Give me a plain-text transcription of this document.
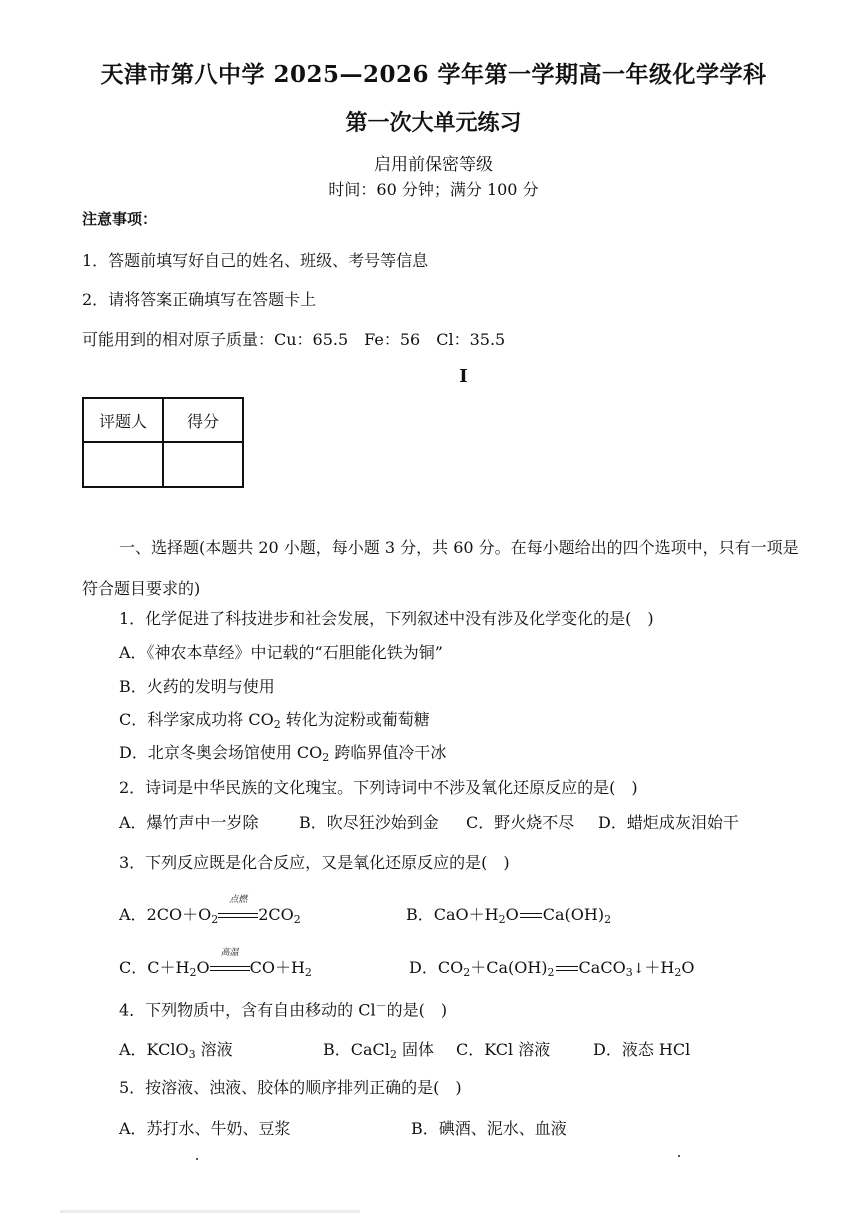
天津市第八中学 2025—2026 学年第一学期高一年级化学学科
第一次大单元练习
启用前保密等级
时间：60 分钟；满分 100 分
注意事项：
1．答题前填写好自己的姓名、班级、考号等信息
2．请将答案正确填写在答题卡上
可能用到的相对原子质量：Cu：65.5　Fe：56　Cl：35.5
I
评题人	得分

一、选择题(本题共 20 小题，每小题 3 分，共 60 分。在每小题给出的四个选项中，只有一项是
符合题目要求的)
1．化学促进了科技进步和社会发展，下列叙述中没有涉及化学变化的是(　)
A．《神农本草经》中记载的“石胆能化铁为铜”
B．火药的发明与使用
C．科学家成功将 $CO_2$ 转化为淀粉或葡萄糖
D．北京冬奥会场馆使用 $CO_2$ 跨临界值冷干冰
2．诗词是中华民族的文化瑰宝。下列诗词中不涉及氧化还原反应的是(　)
A．爆竹声中一岁除	B．吹尽狂沙始到金 C．野火烧不尽 D．蜡炬成灰泪始干
3．下列反应既是化合反应，又是氧化还原反应的是(　)
A．$2CO+O_2$
点燃
$2CO_2$	B．$CaO+H_2O$ $Ca(OH)_2$
C．$C+H_2O$
高温
$CO+H_2$	D．$CO_2+Ca(OH)_2$ $CaCO_3↓+H_2O$
4．下列物质中，含有自由移动的 Cl－的是(　)
A．KClO$_3$ 溶液	B．CaCl$_2$ 固体 C．KCl 溶液	D．液态 HCl
5．按溶液、浊液、胶体的顺序排列正确的是(　)
A．苏打水、牛奶、豆浆	B．碘酒、泥水、血液
